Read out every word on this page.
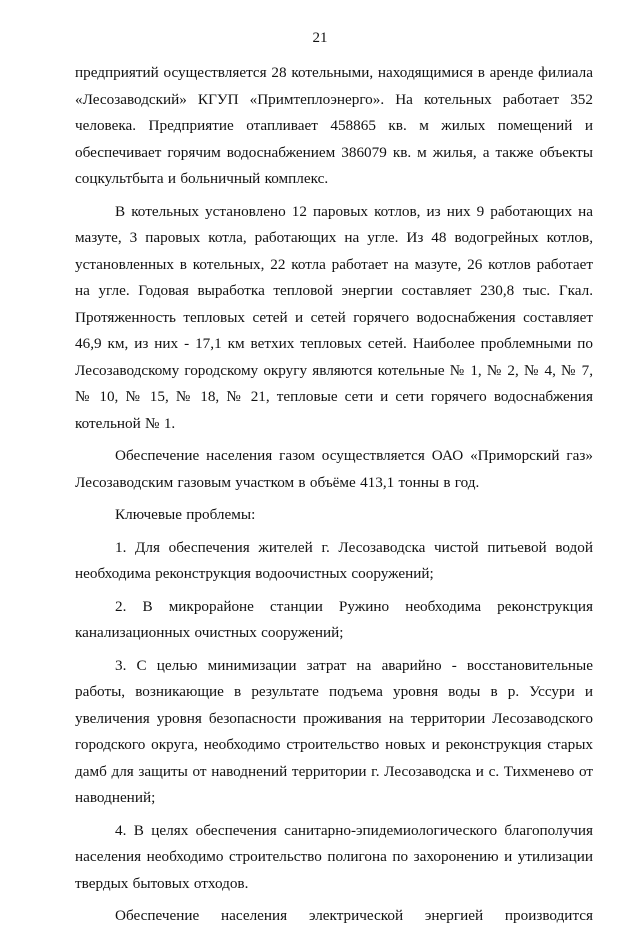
21

предприятий осуществляется 28 котельными, находящимися в аренде филиала «Лесозаводский» КГУП «Примтеплоэнерго». На котельных работает 352 человека. Предприятие отапливает 458865 кв. м жилых помещений и обеспечивает горячим водоснабжением 386079 кв. м жилья, а также объекты соцкультбыта и больничный комплекс.

В котельных установлено 12 паровых котлов, из них 9 работающих на мазуте, 3 паровых котла, работающих на угле. Из 48 водогрейных котлов, установленных в котельных, 22 котла работает на мазуте, 26 котлов работает на угле. Годовая выработка тепловой энергии составляет 230,8 тыс. Гкал. Протяженность тепловых сетей и сетей горячего водоснабжения составляет 46,9 км, из них - 17,1 км ветхих тепловых сетей. Наиболее проблемными по Лесозаводскому городскому округу являются котельные № 1, № 2, № 4, № 7, № 10, № 15, № 18, № 21, тепловые сети и сети горячего водоснабжения котельной № 1.

Обеспечение населения газом осуществляется ОАО «Приморский газ» Лесозаводским газовым участком в объёме 413,1 тонны в год.

Ключевые проблемы:

1. Для обеспечения жителей г. Лесозаводска чистой питьевой водой необходима реконструкция водоочистных сооружений;

2. В микрорайоне станции Ружино необходима реконструкция канализационных очистных сооружений;

3. С целью минимизации затрат на аварийно - восстановительные работы, возникающие в результате подъема уровня воды в р. Уссури и увеличения уровня безопасности проживания на территории Лесозаводского городского округа, необходимо строительство новых и реконструкция старых дамб для защиты от наводнений территории г. Лесозаводска и с. Тихменево от наводнений;

4. В целях обеспечения санитарно-эпидемиологического благополучия населения необходимо строительство полигона по захоронению и утилизации твердых бытовых отходов.

Обеспечение населения электрической энергией производится
